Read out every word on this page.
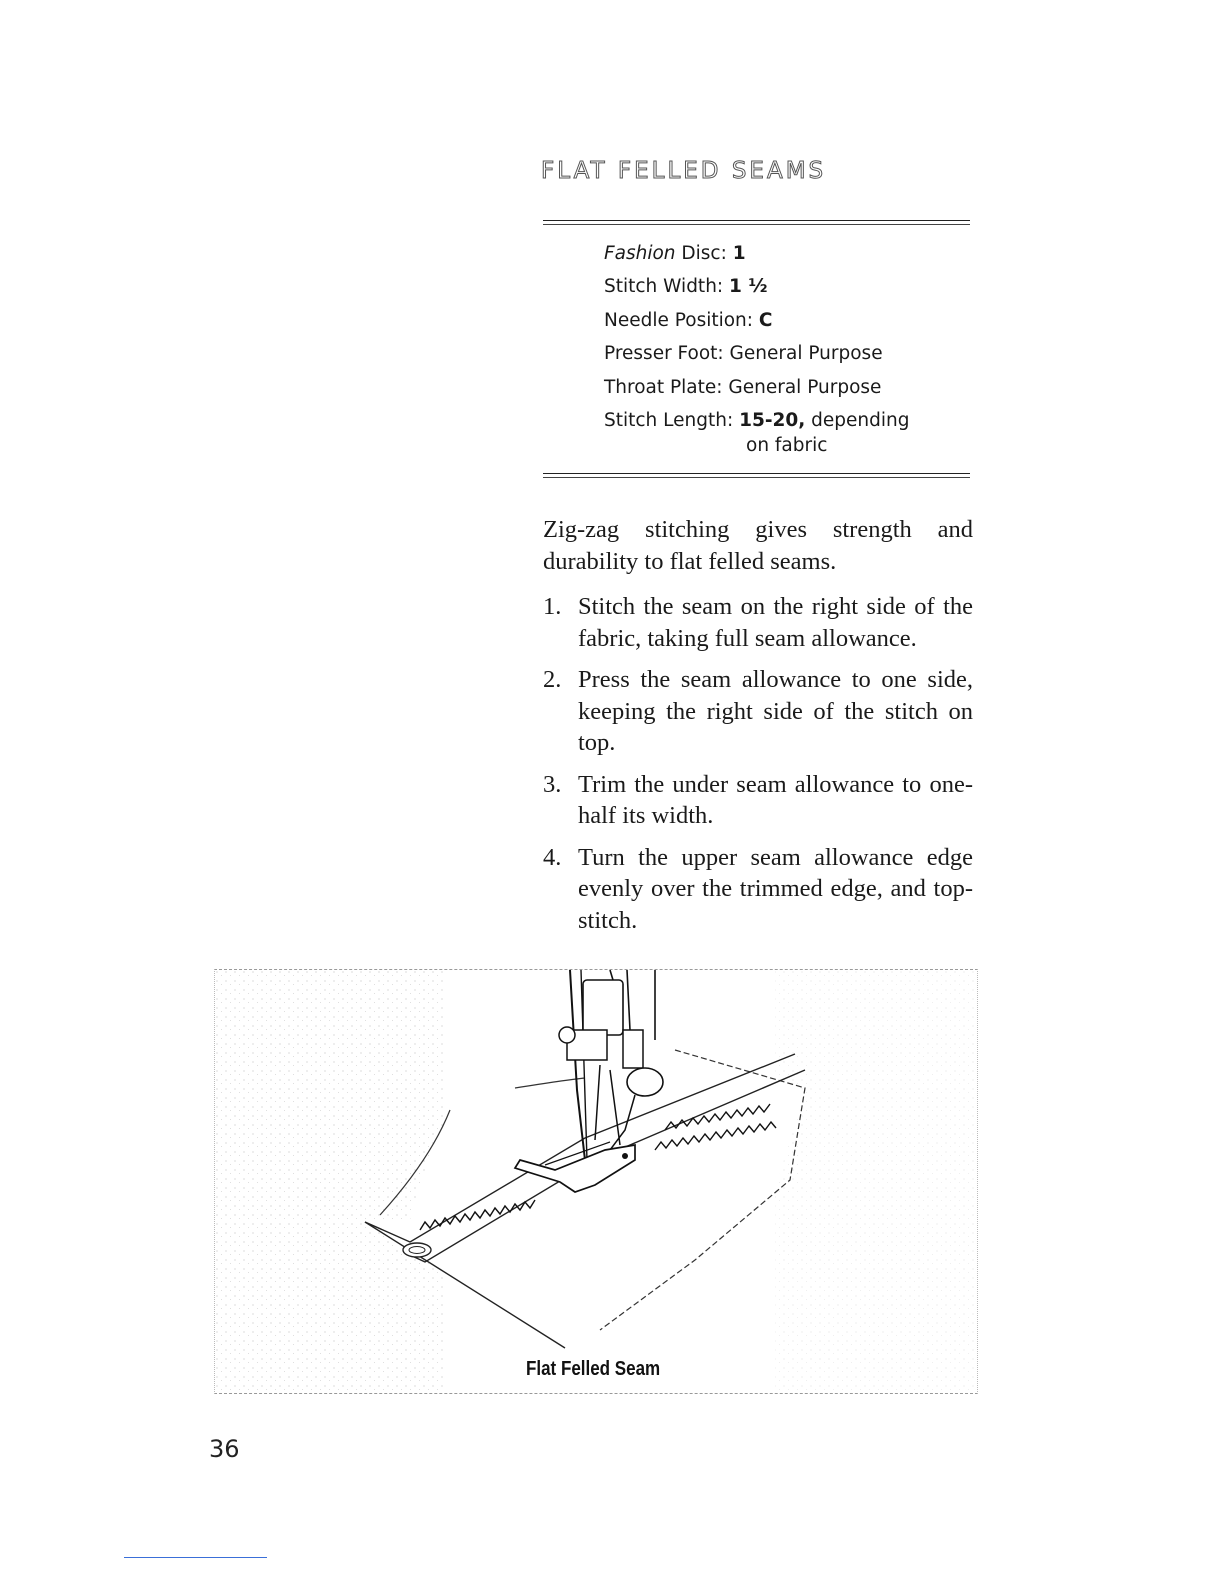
FLAT FELLED SEAMS
Fashion Disc: 1
Stitch Width: 1 ½
Needle Position: C
Presser Foot: General Purpose
Throat Plate: General Purpose
Stitch Length: 15-20, depending
on fabric

Zig-zag stitching gives strength and durability to flat felled seams.

1. Stitch the seam on the right side of the fabric, taking full seam allowance.
2. Press the seam allowance to one side, keeping the right side of the stitch on top.
3. Trim the under seam allowance to one-half its width.
4. Turn the upper seam allowance edge evenly over the trimmed edge, and top-stitch.
Flat Felled Seam
36
